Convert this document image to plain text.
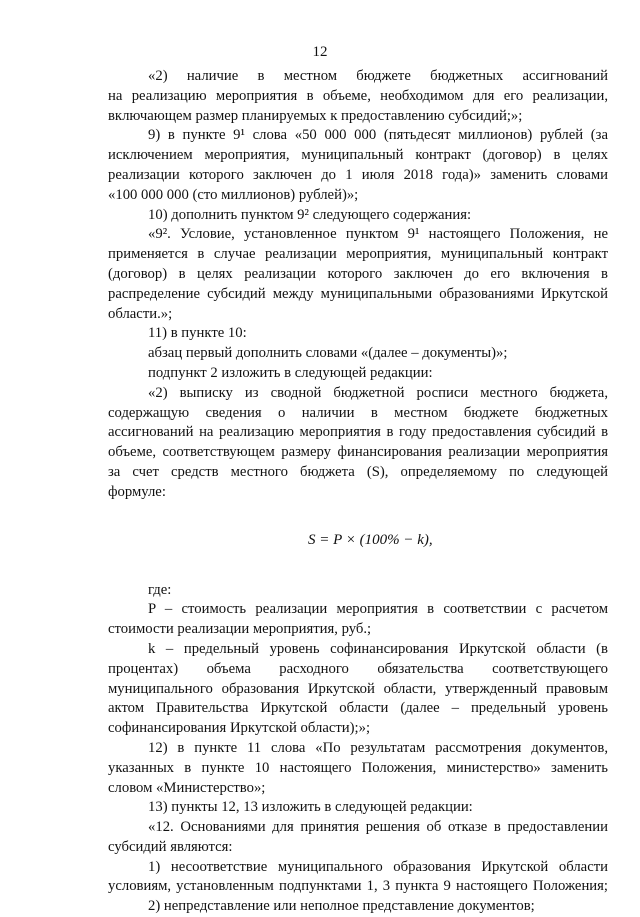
12
«2) наличие в местном бюджете бюджетных ассигнований
на реализацию мероприятия в объеме, необходимом для его реализации,
включающем размер планируемых к предоставлению субсидий;»;
9) в пункте 9¹ слова «50 000 000 (пятьдесят миллионов) рублей (за
исключением мероприятия, муниципальный контракт (договор) в целях
реализации которого заключен до 1 июля 2018 года)» заменить словами
«100 000 000 (сто миллионов) рублей)»;
10) дополнить пунктом 9² следующего содержания:
«9². Условие, установленное пунктом 9¹ настоящего Положения, не
применяется в случае реализации мероприятия, муниципальный контракт
(договор) в целях реализации которого заключен до его включения в
распределение субсидий между муниципальными образованиями Иркутской
области.»;
11) в пункте 10:
абзац первый дополнить словами «(далее – документы)»;
подпункт 2 изложить в следующей редакции:
«2) выписку из сводной бюджетной росписи местного бюджета,
содержащую сведения о наличии в местном бюджете бюджетных
ассигнований на реализацию мероприятия в году предоставления субсидий в
объеме, соответствующем размеру финансирования реализации мероприятия
за счет средств местного бюджета (S), определяемому по следующей
формуле:
S = P × (100% − k),
где:
P – стоимость реализации мероприятия в соответствии с расчетом
стоимости реализации мероприятия, руб.;
k – предельный уровень софинансирования Иркутской области (в
процентах) объема расходного обязательства соответствующего
муниципального образования Иркутской области, утвержденный правовым
актом Правительства Иркутской области (далее – предельный уровень
софинансирования Иркутской области);»;
12) в пункте 11 слова «По результатам рассмотрения документов,
указанных в пункте 10 настоящего Положения, министерство» заменить
словом «Министерство»;
13) пункты 12, 13 изложить в следующей редакции:
«12. Основаниями для принятия решения об отказе в предоставлении
субсидий являются:
1) несоответствие муниципального образования Иркутской области
условиям, установленным подпунктами 1, 3 пункта 9 настоящего Положения;
2) непредставление или неполное представление документов;
